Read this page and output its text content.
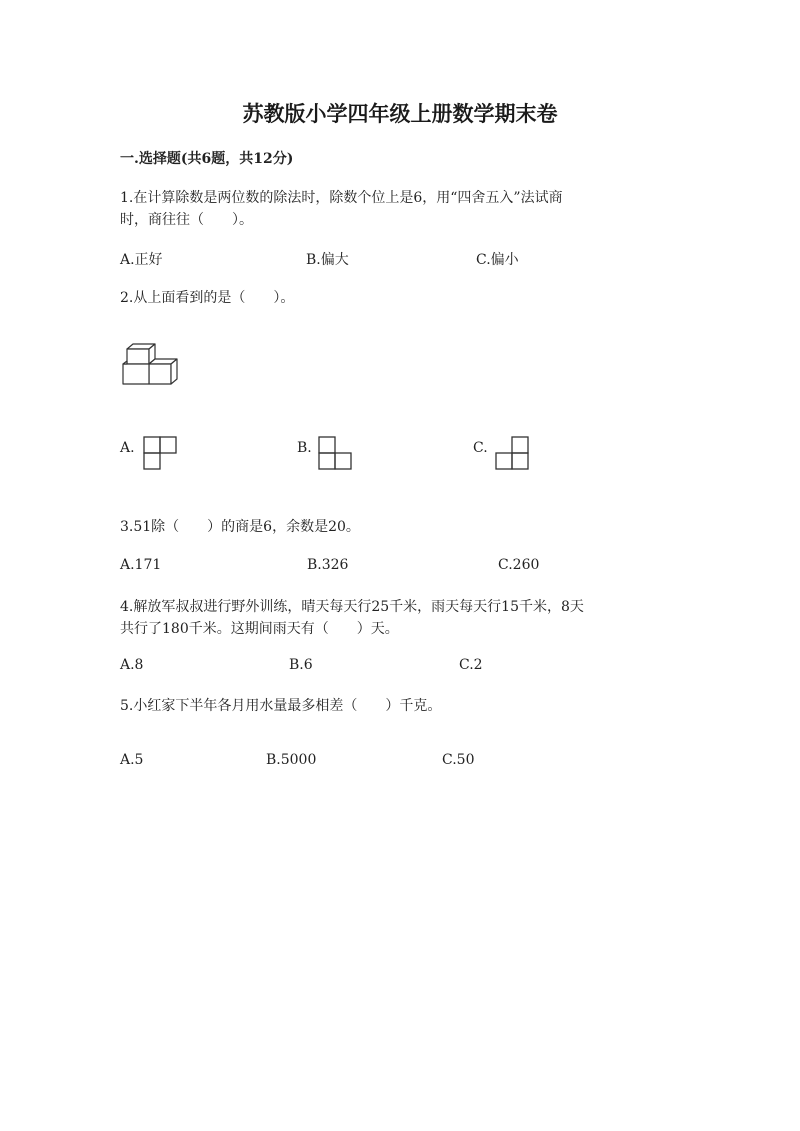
苏教版小学四年级上册数学期末卷
一.选择题(共6题，共12分)
1.在计算除数是两位数的除法时，除数个位上是6，用“四舍五入”法试商
时，商往往（　　）。
A.正好	B.偏大	C.偏小
2.从上面看到的是（　　）。
A.	B.	C.
3.51除（　　）的商是6，余数是20。
A.171	B.326	C.260
4.解放军叔叔进行野外训练，晴天每天行25千米，雨天每天行15千米，8天
共行了180千米。这期间雨天有（　　）天。
A.8	B.6	C.2
5.小红家下半年各月用水量最多相差（　　）千克。
A.5	B.5000	C.50
